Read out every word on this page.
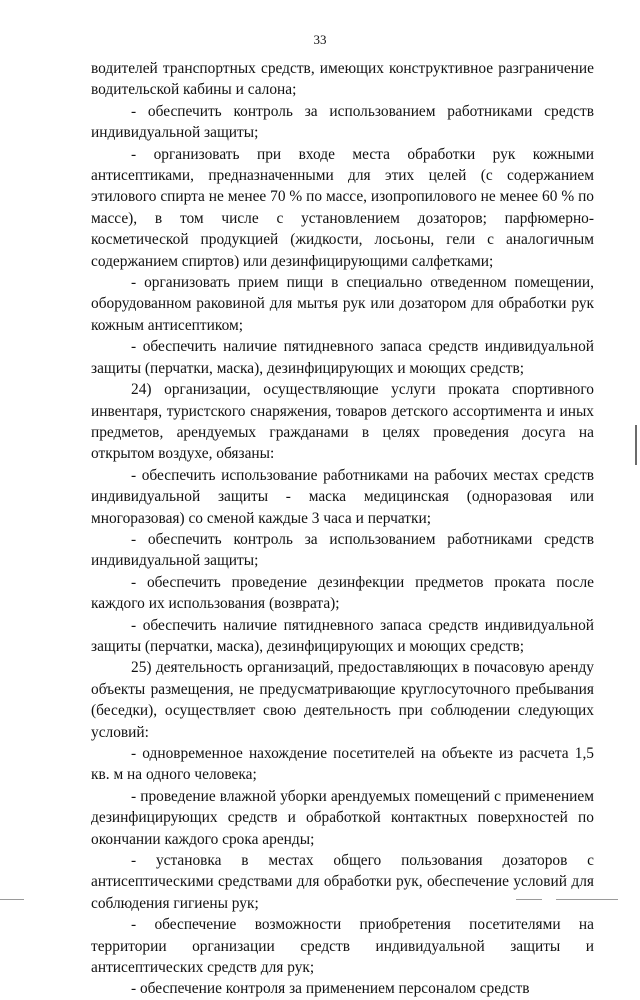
33

водителей транспортных средств, имеющих конструктивное разграничение водительской кабины и салона;

- обеспечить контроль за использованием работниками средств индивидуальной защиты;

- организовать при входе места обработки рук кожными антисептиками, предназначенными для этих целей (с содержанием этилового спирта не менее 70 % по массе, изопропилового не менее 60 % по массе), в том числе с установлением дозаторов; парфюмерно-косметической продукцией (жидкости, лосьоны, гели с аналогичным содержанием спиртов) или дезинфицирующими салфетками;

- организовать прием пищи в специально отведенном помещении, оборудованном раковиной для мытья рук или дозатором для обработки рук кожным антисептиком;

- обеспечить наличие пятидневного запаса средств индивидуальной защиты (перчатки, маска), дезинфицирующих и моющих средств;

24) организации, осуществляющие услуги проката спортивного инвентаря, туристского снаряжения, товаров детского ассортимента и иных предметов, арендуемых гражданами в целях проведения досуга на открытом воздухе, обязаны:

- обеспечить использование работниками на рабочих местах средств индивидуальной защиты - маска медицинская (одноразовая или многоразовая) со сменой каждые 3 часа и перчатки;

- обеспечить контроль за использованием работниками средств индивидуальной защиты;

- обеспечить проведение дезинфекции предметов проката после каждого их использования (возврата);

- обеспечить наличие пятидневного запаса средств индивидуальной защиты (перчатки, маска), дезинфицирующих и моющих средств;

25) деятельность организаций, предоставляющих в почасовую аренду объекты размещения, не предусматривающие круглосуточного пребывания (беседки), осуществляет свою деятельность при соблюдении следующих условий:

- одновременное нахождение посетителей на объекте из расчета 1,5 кв. м на одного человека;

- проведение влажной уборки арендуемых помещений с применением дезинфицирующих средств и обработкой контактных поверхностей по окончании каждого срока аренды;

- установка в местах общего пользования дозаторов с антисептическими средствами для обработки рук, обеспечение условий для соблюдения гигиены рук;

- обеспечение возможности приобретения посетителями на территории организации средств индивидуальной защиты и антисептических средств для рук;

- обеспечение контроля за применением персоналом средств
